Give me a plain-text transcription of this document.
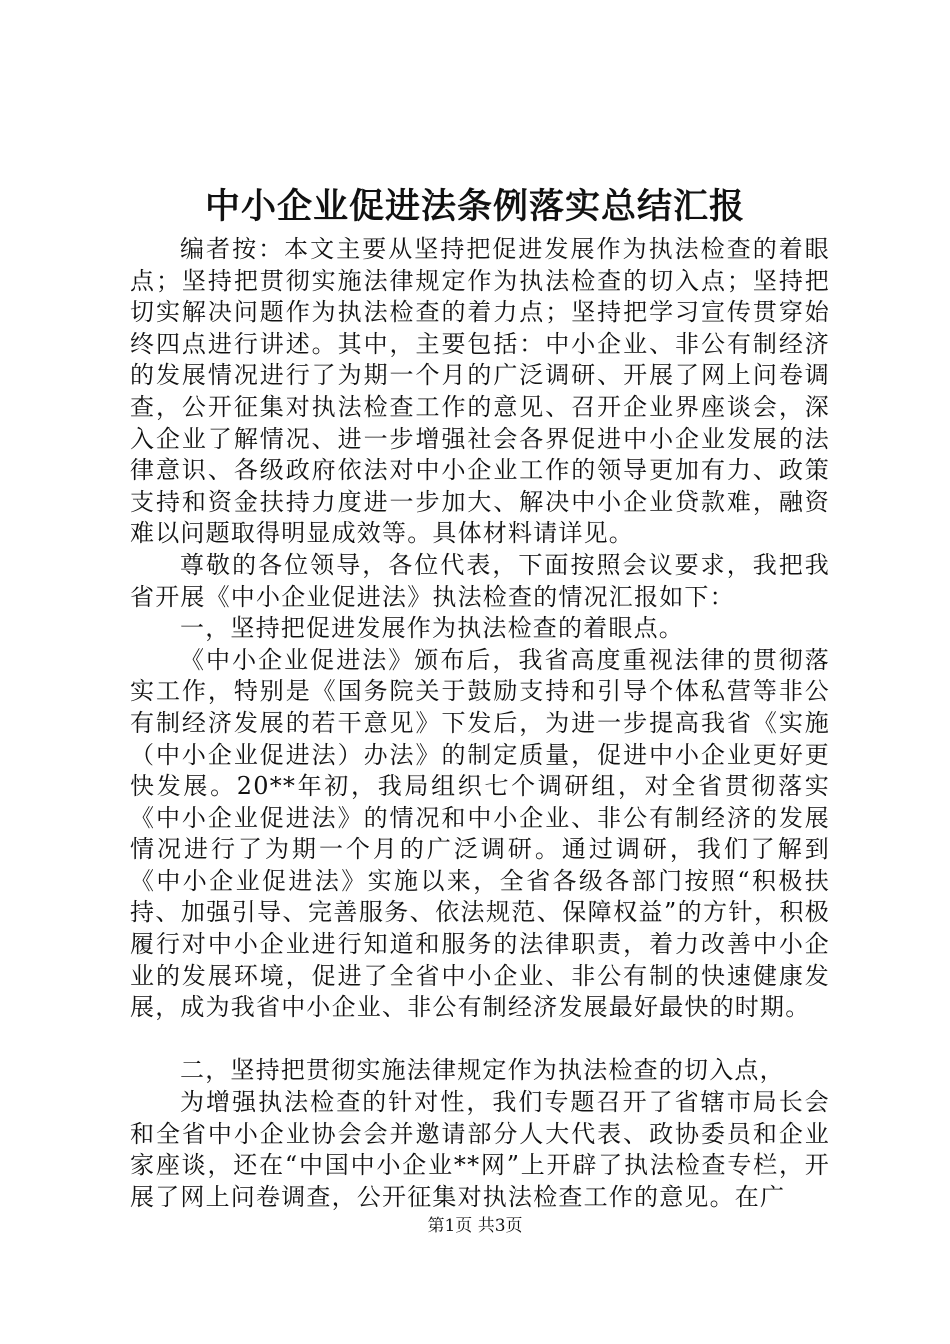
中小企业促进法条例落实总结汇报

编者按：本文主要从坚持把促进发展作为执法检查的着眼点；坚持把贯彻实施法律规定作为执法检查的切入点；坚持把切实解决问题作为执法检查的着力点；坚持把学习宣传贯穿始终四点进行讲述。其中，主要包括：中小企业、非公有制经济的发展情况进行了为期一个月的广泛调研、开展了网上问卷调查，公开征集对执法检查工作的意见、召开企业界座谈会，深入企业了解情况、进一步增强社会各界促进中小企业发展的法律意识、各级政府依法对中小企业工作的领导更加有力、政策支持和资金扶持力度进一步加大、解决中小企业贷款难，融资难以问题取得明显成效等。具体材料请详见。

尊敬的各位领导，各位代表，下面按照会议要求，我把我省开展《中小企业促进法》执法检查的情况汇报如下：

一，坚持把促进发展作为执法检查的着眼点。

《中小企业促进法》颁布后，我省高度重视法律的贯彻落实工作，特别是《国务院关于鼓励支持和引导个体私营等非公有制经济发展的若干意见》下发后，为进一步提高我省《实施（中小企业促进法）办法》的制定质量，促进中小企业更好更快发展。20**年初，我局组织七个调研组，对全省贯彻落实《中小企业促进法》的情况和中小企业、非公有制经济的发展情况进行了为期一个月的广泛调研。通过调研，我们了解到《中小企业促进法》实施以来，全省各级各部门按照“积极扶持、加强引导、完善服务、依法规范、保障权益”的方针，积极履行对中小企业进行知道和服务的法律职责，着力改善中小企业的发展环境，促进了全省中小企业、非公有制的快速健康发展，成为我省中小企业、非公有制经济发展最好最快的时期。

二，坚持把贯彻实施法律规定作为执法检查的切入点，

为增强执法检查的针对性，我们专题召开了省辖市局长会和全省中小企业协会会并邀请部分人大代表、政协委员和企业家座谈，还在“中国中小企业**网”上开辟了执法检查专栏，开展了网上问卷调查，公开征集对执法检查工作的意见。在广

第1页 共3页
